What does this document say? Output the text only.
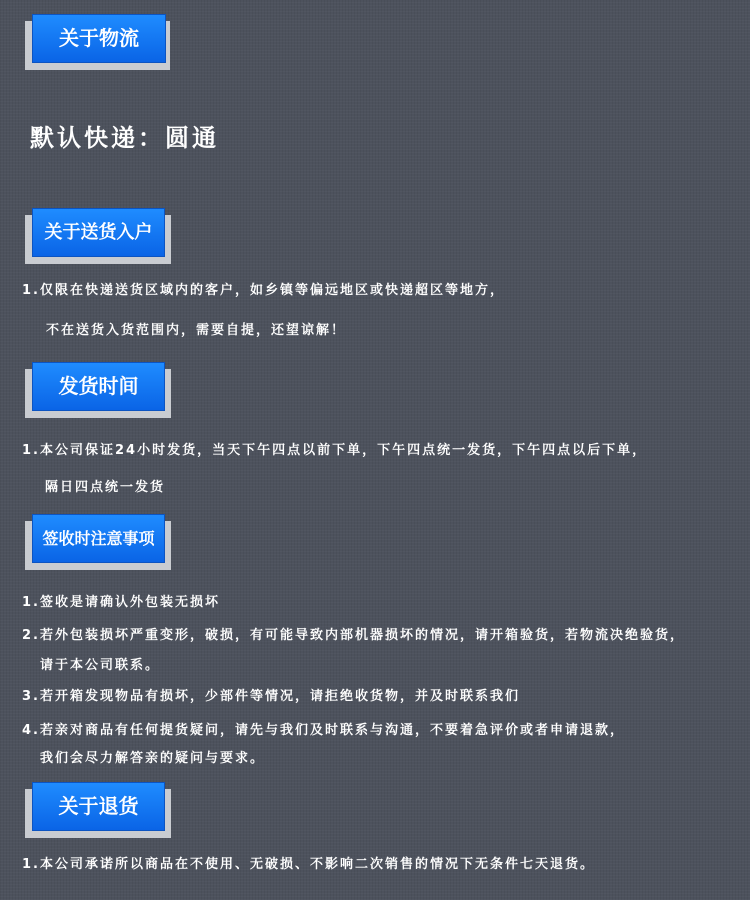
关于物流
默认快递：圆通
关于送货入户
1.仅限在快递送货区域内的客户，如乡镇等偏远地区或快递超区等地方，
不在送货入货范围内，需要自提，还望谅解！
发货时间
1.本公司保证24小时发货，当天下午四点以前下单，下午四点统一发货，下午四点以后下单，
隔日四点统一发货
签收时注意事项
1.签收是请确认外包装无损坏
2.若外包装损坏严重变形，破损，有可能导致内部机器损坏的情况，请开箱验货，若物流决绝验货，
请于本公司联系。
3.若开箱发现物品有损坏，少部件等情况，请拒绝收货物，并及时联系我们
4.若亲对商品有任何提货疑问，请先与我们及时联系与沟通，不要着急评价或者申请退款，
我们会尽力解答亲的疑问与要求。
关于退货
1.本公司承诺所以商品在不使用、无破损、不影响二次销售的情况下无条件七天退货。
